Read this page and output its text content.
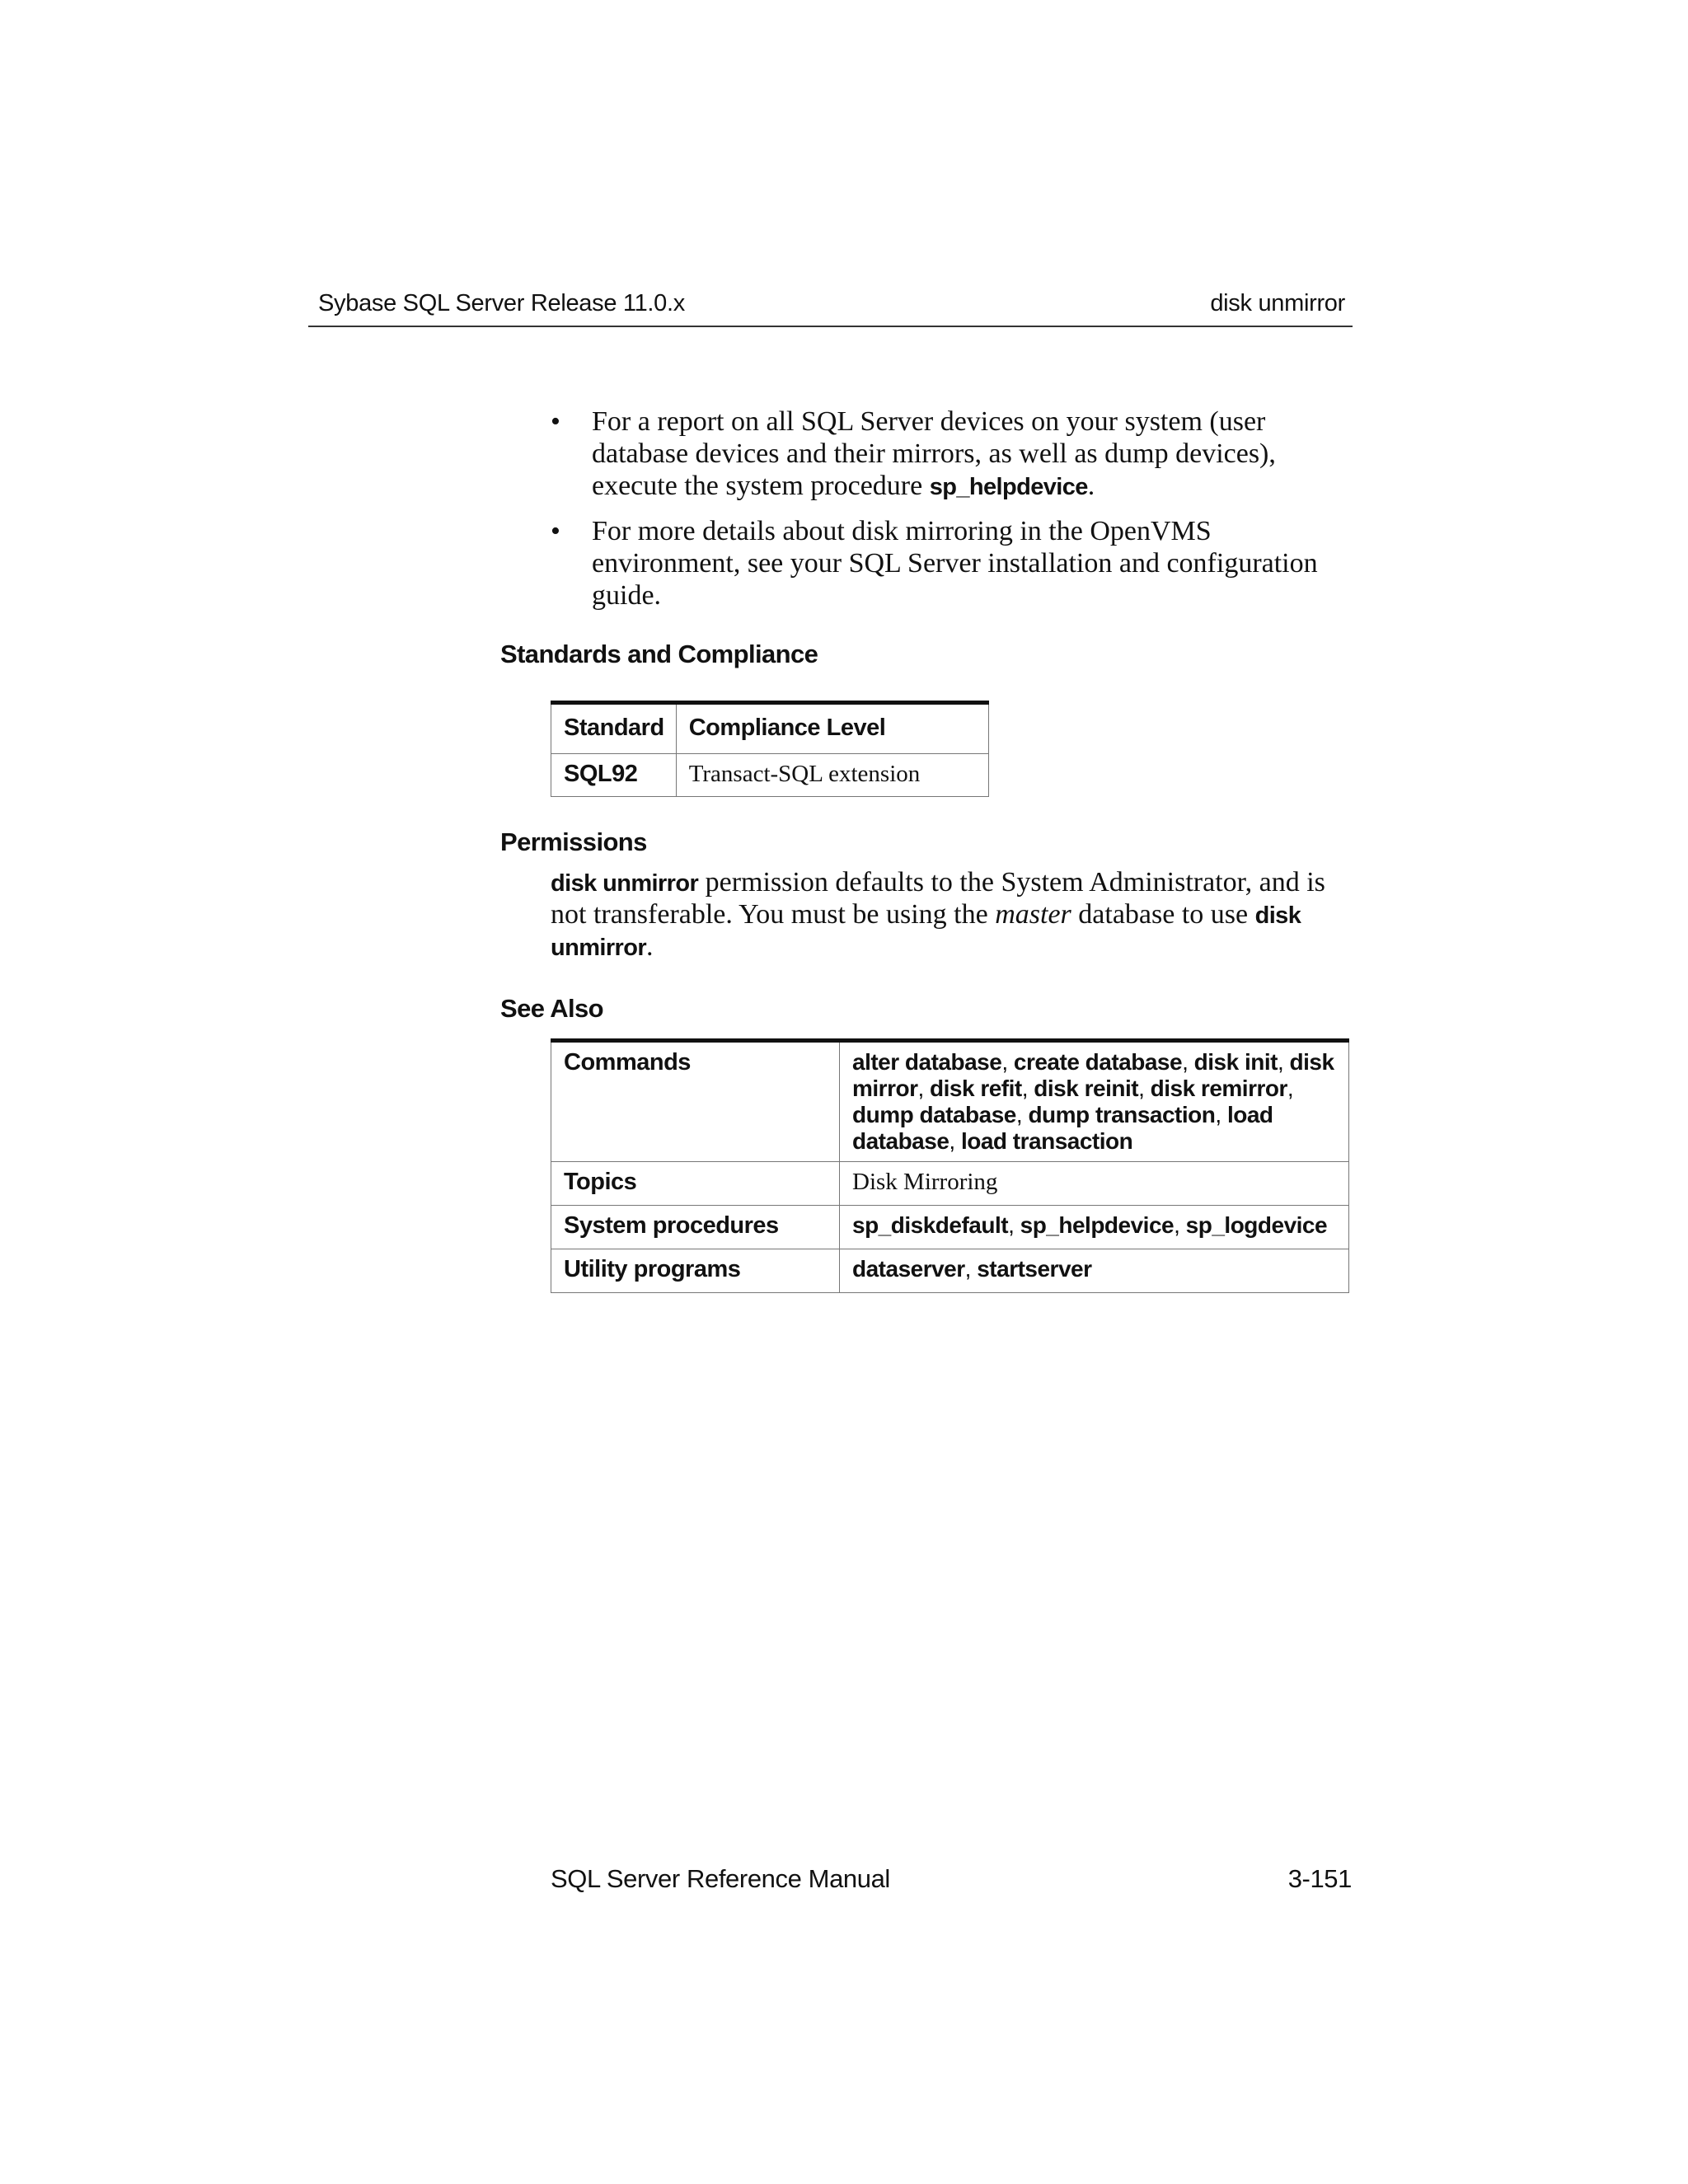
Sybase SQL Server Release 11.0.x	disk unmirror
• For a report on all SQL Server devices on your system (user database devices and their mirrors, as well as dump devices), execute the system procedure sp_helpdevice.
• For more details about disk mirroring in the OpenVMS environment, see your SQL Server installation and configuration guide.
Standards and Compliance
Standard	Compliance Level
SQL92	Transact-SQL extension
Permissions
disk unmirror permission defaults to the System Administrator, and is not transferable. You must be using the master database to use disk unmirror.
See Also
Commands	alter database, create database, disk init, disk mirror, disk refit, disk reinit, disk remirror, dump database, dump transaction, load database, load transaction
Topics	Disk Mirroring
System procedures	sp_diskdefault, sp_helpdevice, sp_logdevice
Utility programs	dataserver, startserver
SQL Server Reference Manual	3-151
